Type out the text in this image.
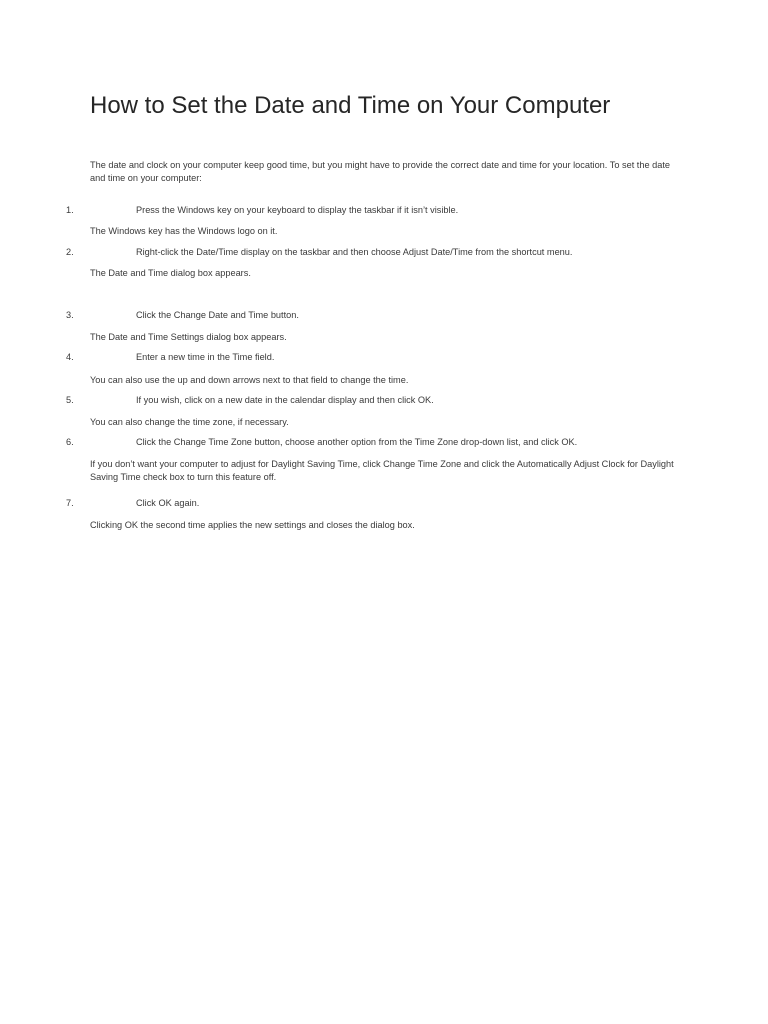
How to Set the Date and Time on Your Computer

The date and clock on your computer keep good time, but you might have to provide the correct date and time for your location. To set the date and time on your computer:

1.	Press the Windows key on your keyboard to display the taskbar if it isn’t visible.
The Windows key has the Windows logo on it.
2.	Right-click the Date/Time display on the taskbar and then choose Adjust Date/Time from the shortcut menu.
The Date and Time dialog box appears.
3.	Click the Change Date and Time button.
The Date and Time Settings dialog box appears.
4.	Enter a new time in the Time field.
You can also use the up and down arrows next to that field to change the time.
5.	If you wish, click on a new date in the calendar display and then click OK.
You can also change the time zone, if necessary.
6.	Click the Change Time Zone button, choose another option from the Time Zone drop-down list, and click OK.
If you don’t want your computer to adjust for Daylight Saving Time, click Change Time Zone and click the Automatically Adjust Clock for Daylight Saving Time check box to turn this feature off.
7.	Click OK again.
Clicking OK the second time applies the new settings and closes the dialog box.
